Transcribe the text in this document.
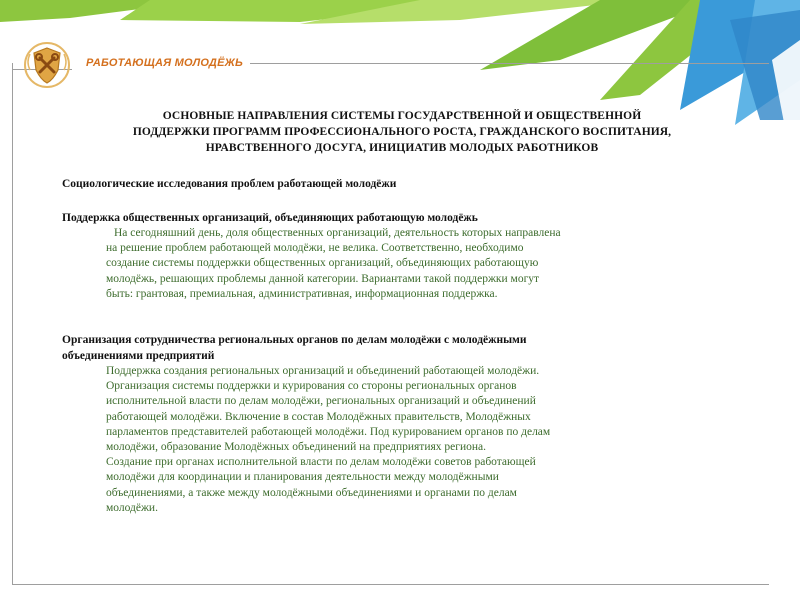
РАБОТАЮЩАЯ МОЛОДЁЖЬ
ОСНОВНЫЕ НАПРАВЛЕНИЯ СИСТЕМЫ ГОСУДАРСТВЕННОЙ И ОБЩЕСТВЕННОЙ
ПОДДЕРЖКИ ПРОГРАММ ПРОФЕССИОНАЛЬНОГО РОСТА, ГРАЖДАНСКОГО ВОСПИТАНИЯ,
НРАВСТВЕННОГО ДОСУГА, ИНИЦИАТИВ МОЛОДЫХ РАБОТНИКОВ

Социологические исследования проблем работающей молодёжи

Поддержка общественных организаций, объединяющих работающую молодёжь

На сегодняшний день, доля общественных организаций, деятельность которых направлена
на решение проблем работающей молодёжи, не велика. Соответственно, необходимо
создание системы поддержки общественных организаций, объединяющих работающую
молодёжь, решающих проблемы данной категории. Вариантами такой поддержки могут
быть: грантовая, премиальная, административная, информационная поддержка.

Организация сотрудничества региональных органов по делам молодёжи с молодёжными

объединениями предприятий

Поддержка создания региональных организаций и объединений работающей молодёжи.
Организация системы поддержки и курирования со стороны региональных органов
исполнительной власти по делам молодёжи, региональных организаций и объединений
работающей молодёжи. Включение в состав Молодёжных правительств, Молодёжных
парламентов представителей работающей молодёжи. Под курированием органов по делам
молодёжи, образование Молодёжных объединений на предприятиях региона.
Создание при органах исполнительной власти по делам молодёжи советов работающей
молодёжи для координации и планирования деятельности между молодёжными
объединениями, а также между молодёжными объединениями и органами по делам
молодёжи.
